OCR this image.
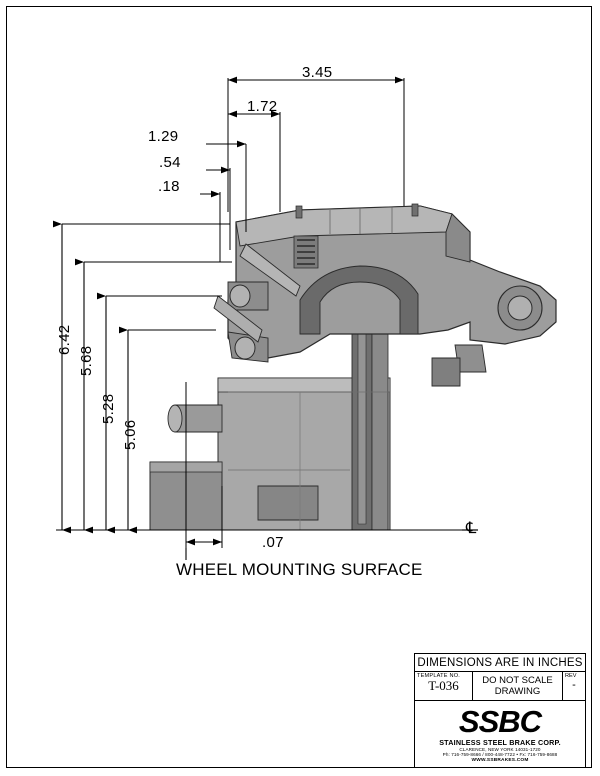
3.45
1.72
1.29
.54
.18
.07
6.42
5.68
5.28
5.06
WHEEL MOUNTING SURFACE
℄
DIMENSIONS ARE IN INCHES
TEMPLATE NO.
T-036	DO NOT SCALE
DRAWING
REV
-
SSBC
STAINLESS STEEL BRAKE CORP.
CLARENCE, NEW YORK 14031-1720
Ph: 716-759-8666 / 800-448-7722 • Fx: 716-759-8688
WWW.SSBRAKES.COM
